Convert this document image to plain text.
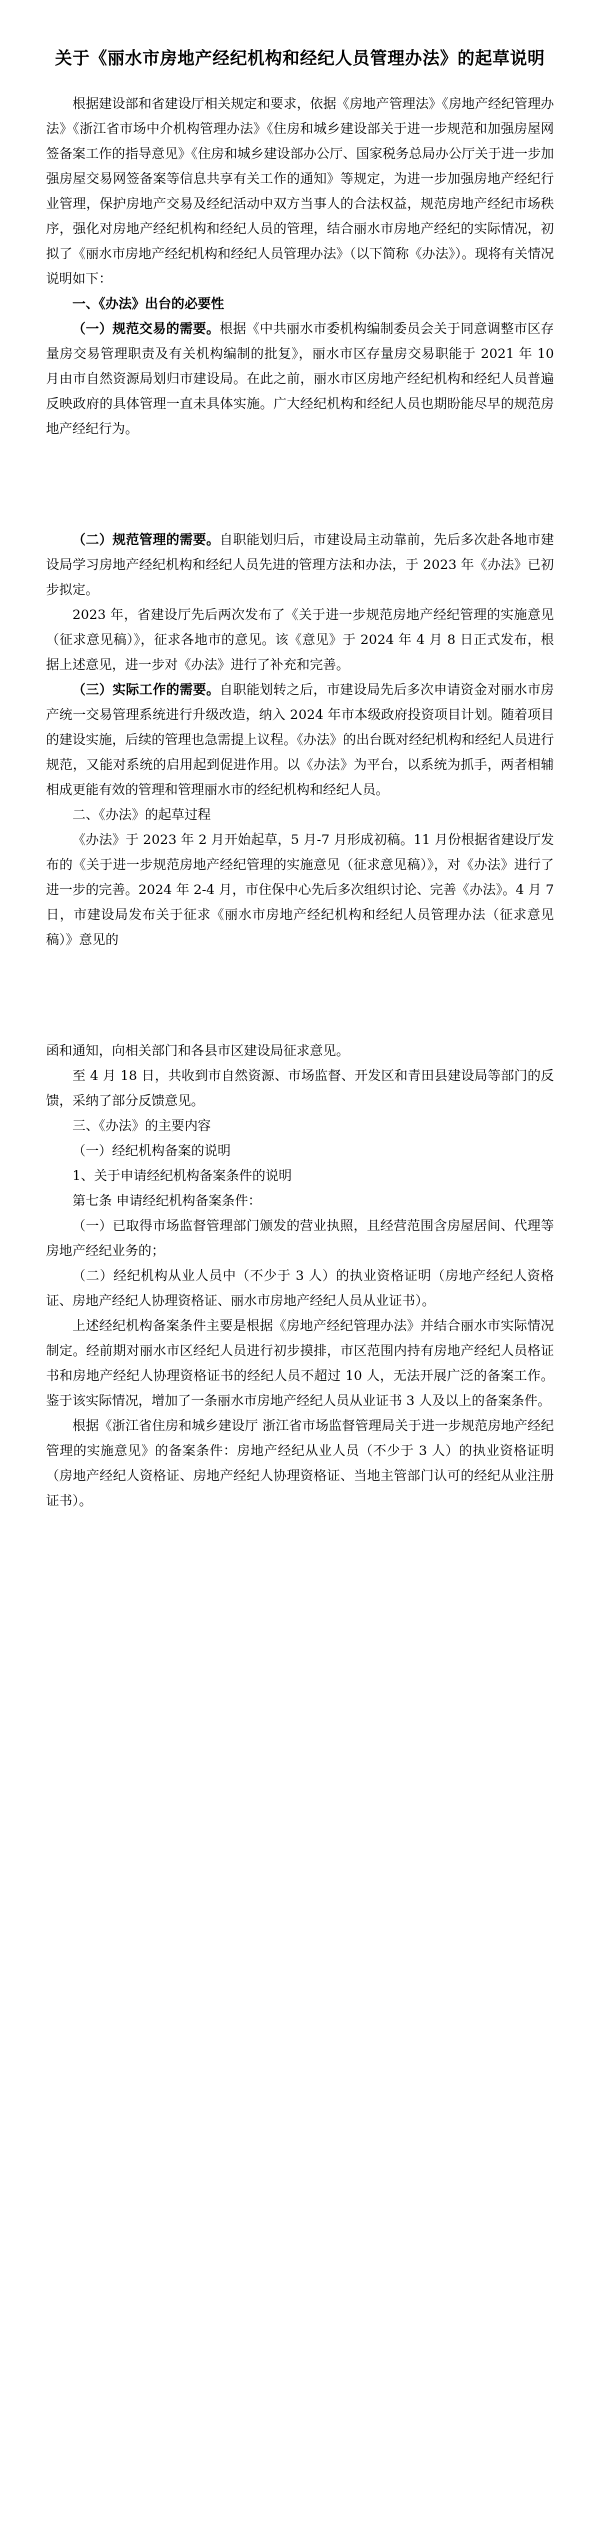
关于《丽水市房地产经纪机构和经纪人员管理办法》的起草说明

根据建设部和省建设厅相关规定和要求，依据《房地产管理法》《房地产经纪管理办法》《浙江省市场中介机构管理办法》《住房和城乡建设部关于进一步规范和加强房屋网签备案工作的指导意见》《住房和城乡建设部办公厅、国家税务总局办公厅关于进一步加强房屋交易网签备案等信息共享有关工作的通知》等规定，为进一步加强房地产经纪行业管理，保护房地产交易及经纪活动中双方当事人的合法权益，规范房地产经纪市场秩序，强化对房地产经纪机构和经纪人员的管理，结合丽水市房地产经纪的实际情况，初拟了《丽水市房地产经纪机构和经纪人员管理办法》（以下简称《办法》）。现将有关情况说明如下：

一、《办法》出台的必要性

（一）规范交易的需要。根据《中共丽水市委机构编制委员会关于同意调整市区存量房交易管理职责及有关机构编制的批复》，丽水市区存量房交易职能于 2021 年 10 月由市自然资源局划归市建设局。在此之前，丽水市区房地产经纪机构和经纪人员普遍反映政府的具体管理一直未具体实施。广大经纪机构和经纪人员也期盼能尽早的规范房地产经纪行为。

（二）规范管理的需要。自职能划归后，市建设局主动靠前，先后多次赴各地市建设局学习房地产经纪机构和经纪人员先进的管理方法和办法，于 2023 年《办法》已初步拟定。

2023 年，省建设厅先后两次发布了《关于进一步规范房地产经纪管理的实施意见（征求意见稿）》，征求各地市的意见。该《意见》于 2024 年 4 月 8 日正式发布，根据上述意见，进一步对《办法》进行了补充和完善。

（三）实际工作的需要。自职能划转之后，市建设局先后多次申请资金对丽水市房产统一交易管理系统进行升级改造，纳入 2024 年市本级政府投资项目计划。随着项目的建设实施，后续的管理也急需提上议程。《办法》的出台既对经纪机构和经纪人员进行规范，又能对系统的启用起到促进作用。以《办法》为平台，以系统为抓手，两者相辅相成更能有效的管理和管理丽水市的经纪机构和经纪人员。

二、《办法》的起草过程

《办法》于 2023 年 2 月开始起草，5 月-7 月形成初稿。11 月份根据省建设厅发布的《关于进一步规范房地产经纪管理的实施意见（征求意见稿）》，对《办法》进行了进一步的完善。2024 年 2-4 月，市住保中心先后多次组织讨论、完善《办法》。4 月 7 日，市建设局发布关于征求《丽水市房地产经纪机构和经纪人员管理办法（征求意见稿）》意见的

函和通知，向相关部门和各县市区建设局征求意见。

至 4 月 18 日，共收到市自然资源、市场监督、开发区和青田县建设局等部门的反馈，采纳了部分反馈意见。

三、《办法》的主要内容

（一）经纪机构备案的说明

1、关于申请经纪机构备案条件的说明

第七条 申请经纪机构备案条件：

（一）已取得市场监督管理部门颁发的营业执照，且经营范围含房屋居间、代理等房地产经纪业务的；

（二）经纪机构从业人员中（不少于 3 人）的执业资格证明（房地产经纪人资格证、房地产经纪人协理资格证、丽水市房地产经纪人员从业证书）。

上述经纪机构备案条件主要是根据《房地产经纪管理办法》并结合丽水市实际情况制定。经前期对丽水市区经纪人员进行初步摸排，市区范围内持有房地产经纪人员格证书和房地产经纪人协理资格证书的经纪人员不超过 10 人，无法开展广泛的备案工作。鉴于该实际情况，增加了一条丽水市房地产经纪人员从业证书 3 人及以上的备案条件。

根据《浙江省住房和城乡建设厅 浙江省市场监督管理局关于进一步规范房地产经纪管理的实施意见》的备案条件：房地产经纪从业人员（不少于 3 人）的执业资格证明（房地产经纪人资格证、房地产经纪人协理资格证、当地主管部门认可的经纪从业注册证书）。
